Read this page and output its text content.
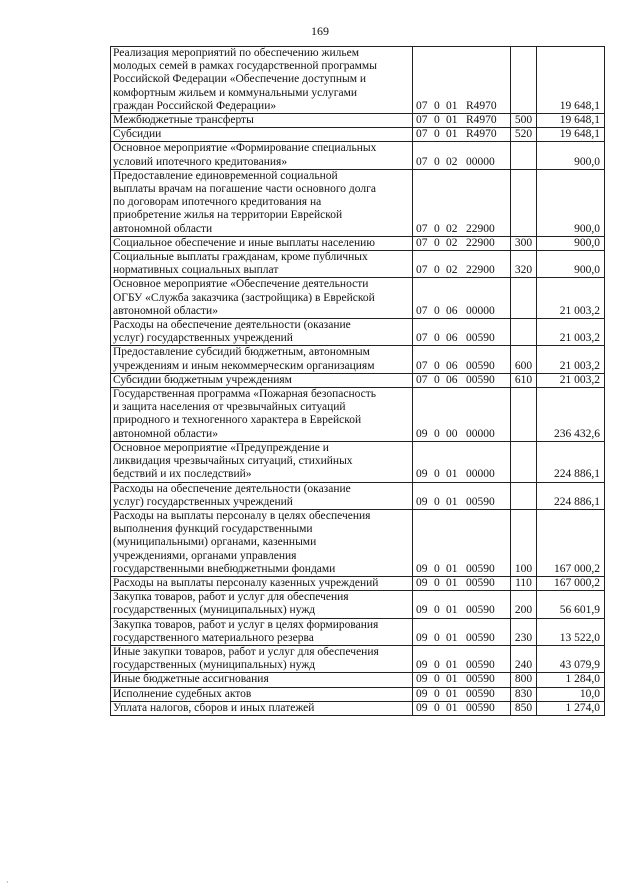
169
Реализация мероприятий по обеспечению жильем
молодых семей в рамках государственной программы
Российской Федерации «Обеспечение доступным и
комфортным жильем и коммунальными услугами
граждан Российской Федерации»	07 0 01 R4970		19 648,1
Межбюджетные трансферты	07 0 01 R4970	500	19 648,1
Субсидии	07 0 01 R4970	520	19 648,1
Основное мероприятие «Формирование специальных
условий ипотечного кредитования»	07 0 02 00000		900,0
Предоставление единовременной социальной
выплаты врачам на погашение части основного долга
по договорам ипотечного кредитования на
приобретение жилья на территории Еврейской
автономной области	07 0 02 22900		900,0
Социальное обеспечение и иные выплаты населению	07 0 02 22900	300	900,0
Социальные выплаты гражданам, кроме публичных
нормативных социальных выплат	07 0 02 22900	320	900,0
Основное мероприятие «Обеспечение деятельности
ОГБУ «Служба заказчика (застройщика) в Еврейской
автономной области»	07 0 06 00000		21 003,2
Расходы на обеспечение деятельности (оказание
услуг) государственных учреждений	07 0 06 00590		21 003,2
Предоставление субсидий бюджетным, автономным
учреждениям и иным некоммерческим организациям	07 0 06 00590	600	21 003,2
Субсидии бюджетным учреждениям	07 0 06 00590	610	21 003,2
Государственная программа «Пожарная безопасность
и защита населения от чрезвычайных ситуаций
природного и техногенного характера в Еврейской
автономной области»	09 0 00 00000		236 432,6
Основное мероприятие «Предупреждение и
ликвидация чрезвычайных ситуаций, стихийных
бедствий и их последствий»	09 0 01 00000		224 886,1
Расходы на обеспечение деятельности (оказание
услуг) государственных учреждений	09 0 01 00590		224 886,1
Расходы на выплаты персоналу в целях обеспечения
выполнения функций государственными
(муниципальными) органами, казенными
учреждениями, органами управления
государственными внебюджетными фондами	09 0 01 00590	100	167 000,2
Расходы на выплаты персоналу казенных учреждений	09 0 01 00590	110	167 000,2
Закупка товаров, работ и услуг для обеспечения
государственных (муниципальных) нужд	09 0 01 00590	200	56 601,9
Закупка товаров, работ и услуг в целях формирования
государственного материального резерва	09 0 01 00590	230	13 522,0
Иные закупки товаров, работ и услуг для обеспечения
государственных (муниципальных) нужд	09 0 01 00590	240	43 079,9
Иные бюджетные ассигнования	09 0 01 00590	800	1 284,0
Исполнение судебных актов	09 0 01 00590	830	10,0
Уплата налогов, сборов и иных платежей	09 0 01 00590	850	1 274,0
·
